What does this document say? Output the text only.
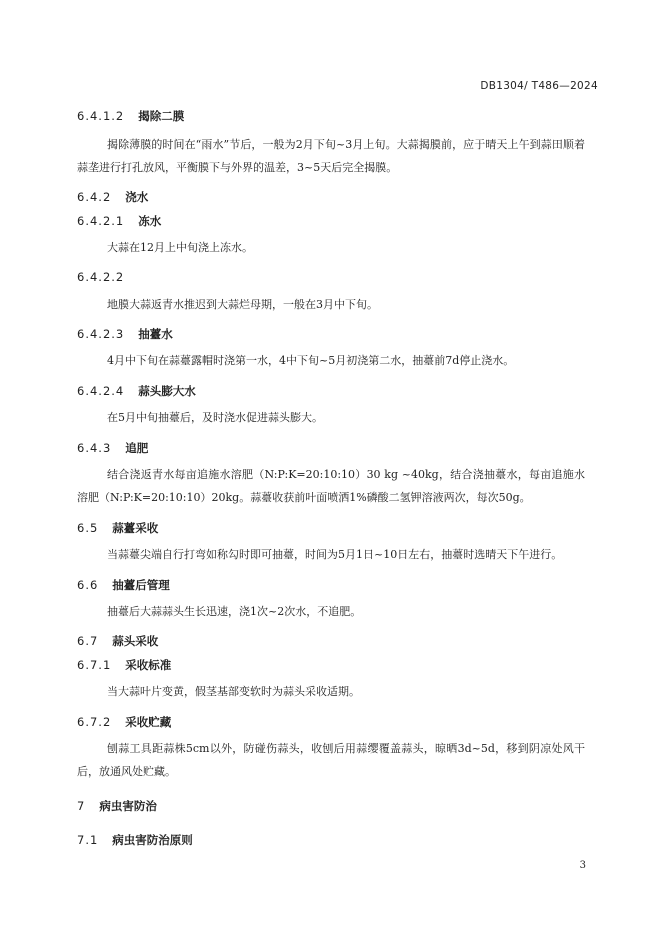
DB1304/ T486—2024
6.4.1.2 揭除二膜
揭除薄膜的时间在“雨水”节后，一般为2月下旬~3月上旬。大蒜揭膜前，应于晴天上午到蒜田顺着蒜垄进行打孔放风，平衡膜下与外界的温差，3~5天后完全揭膜。
6.4.2 浇水
6.4.2.1 冻水
大蒜在12月上中旬浇上冻水。
6.4.2.2
地膜大蒜返青水推迟到大蒜烂母期，一般在3月中下旬。
6.4.2.3 抽薹水
4月中下旬在蒜薹露帽时浇第一水，4中下旬~5月初浇第二水，抽薹前7d停止浇水。
6.4.2.4 蒜头膨大水
在5月中旬抽薹后，及时浇水促进蒜头膨大。
6.4.3 追肥
结合浇返青水每亩追施水溶肥（N:P:K=20:10:10）30 kg ~40kg，结合浇抽薹水，每亩追施水溶肥（N:P:K=20:10:10）20kg。蒜薹收获前叶面喷洒1%磷酸二氢钾溶液两次，每次50g。
6.5 蒜薹采收
当蒜薹尖端自行打弯如称勾时即可抽薹，时间为5月1日~10日左右，抽薹时选晴天下午进行。
6.6 抽薹后管理
抽薹后大蒜蒜头生长迅速，浇1次~2次水，不追肥。
6.7 蒜头采收
6.7.1 采收标准
当大蒜叶片变黄，假茎基部变软时为蒜头采收适期。
6.7.2 采收贮藏
刨蒜工具距蒜株5cm以外，防碰伤蒜头，收刨后用蒜缨覆盖蒜头，晾晒3d~5d，移到阴凉处风干后，放通风处贮藏。
7 病虫害防治
7.1 病虫害防治原则
3
